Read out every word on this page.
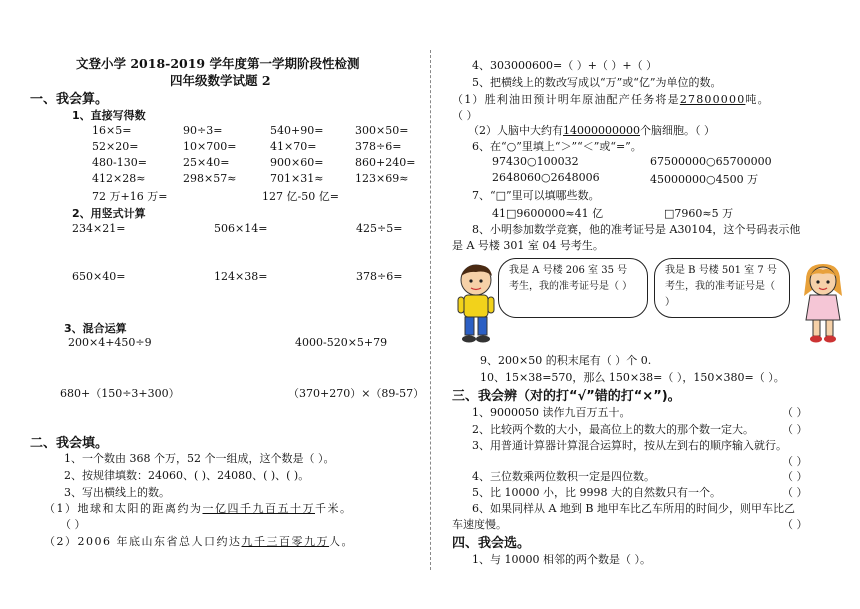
文登小学 2018-2019 学年度第一学期阶段性检测
四年级数学试题 2
一、我会算。
1、直接写得数
16×5=	90÷3=	540+90=	300×50=
52×20=	10×700=	41×70=	378÷6=
480-130=	25×40=	900×60=	860+240=
412×28≈	298×57≈	701×31≈	123×69≈
72 万+16 万=	127 亿-50 亿=
2、用竖式计算
234×21=	506×14=	425÷5=
650×40=	124×38=	378÷6=
3、混合运算
200×4+450÷9	4000-520×5+79
680+（150÷3+300）	（370+270）×（89-57）
二、我会填。
1、一个数由 368 个万，52 个一组成，这个数是（ ）。
2、按规律填数：24060、( )、24080、( )、( )。
3、写出横线上的数。
（1）地球和太阳的距离约为一亿四千九百五十万千米。
（ ）
（2）2006 年底山东省总人口约达九千三百零九万人。
4、303000600=（ ）+（ ）+（ ）
5、把横线上的数改写成以“万”或“亿”为单位的数。
（1）胜利油田预计明年原油配产任务将是27800000吨。
（ ）
（2）人脑中大约有14000000000个脑细胞。（ ）
6、在“○”里填上“＞”“＜”或“=”。
97430○100032	67500000○65700000
2648060○2648006	45000000○4500 万
7、“□”里可以填哪些数。
41□9600000≈41 亿	□7960≈5 万
8、小明参加数学竞赛，他的准考证号是 A30104，这个号码表示他
是 A 号楼 301 室 04 号考生。
我是 A 号楼 206 室 35 号考生，我的准考证号是（ ）
我是 B 号楼 501 室 7 号考生，我的准考证号是（ ）
9、200×50 的积末尾有（ ）个 0.
10、15×38=570，那么 150×38=（ ），150×380=（ ）。
三、我会辨（对的打“√”错的打“×”)。
1、9000050 读作九百万五十。	（ ）
2、比较两个数的大小，最高位上的数大的那个数一定大。	（ ）
3、用普通计算器计算混合运算时，按从左到右的顺序输入就行。
（ ）
4、三位数乘两位数积一定是四位数。	（ ）
5、比 10000 小，比 9998 大的自然数只有一个。	（ ）
6、如果同样从 A 地到 B 地甲车比乙车所用的时间少，则甲车比乙
车速度慢。	（ ）
四、我会选。
1、与 10000 相邻的两个数是（ ）。
